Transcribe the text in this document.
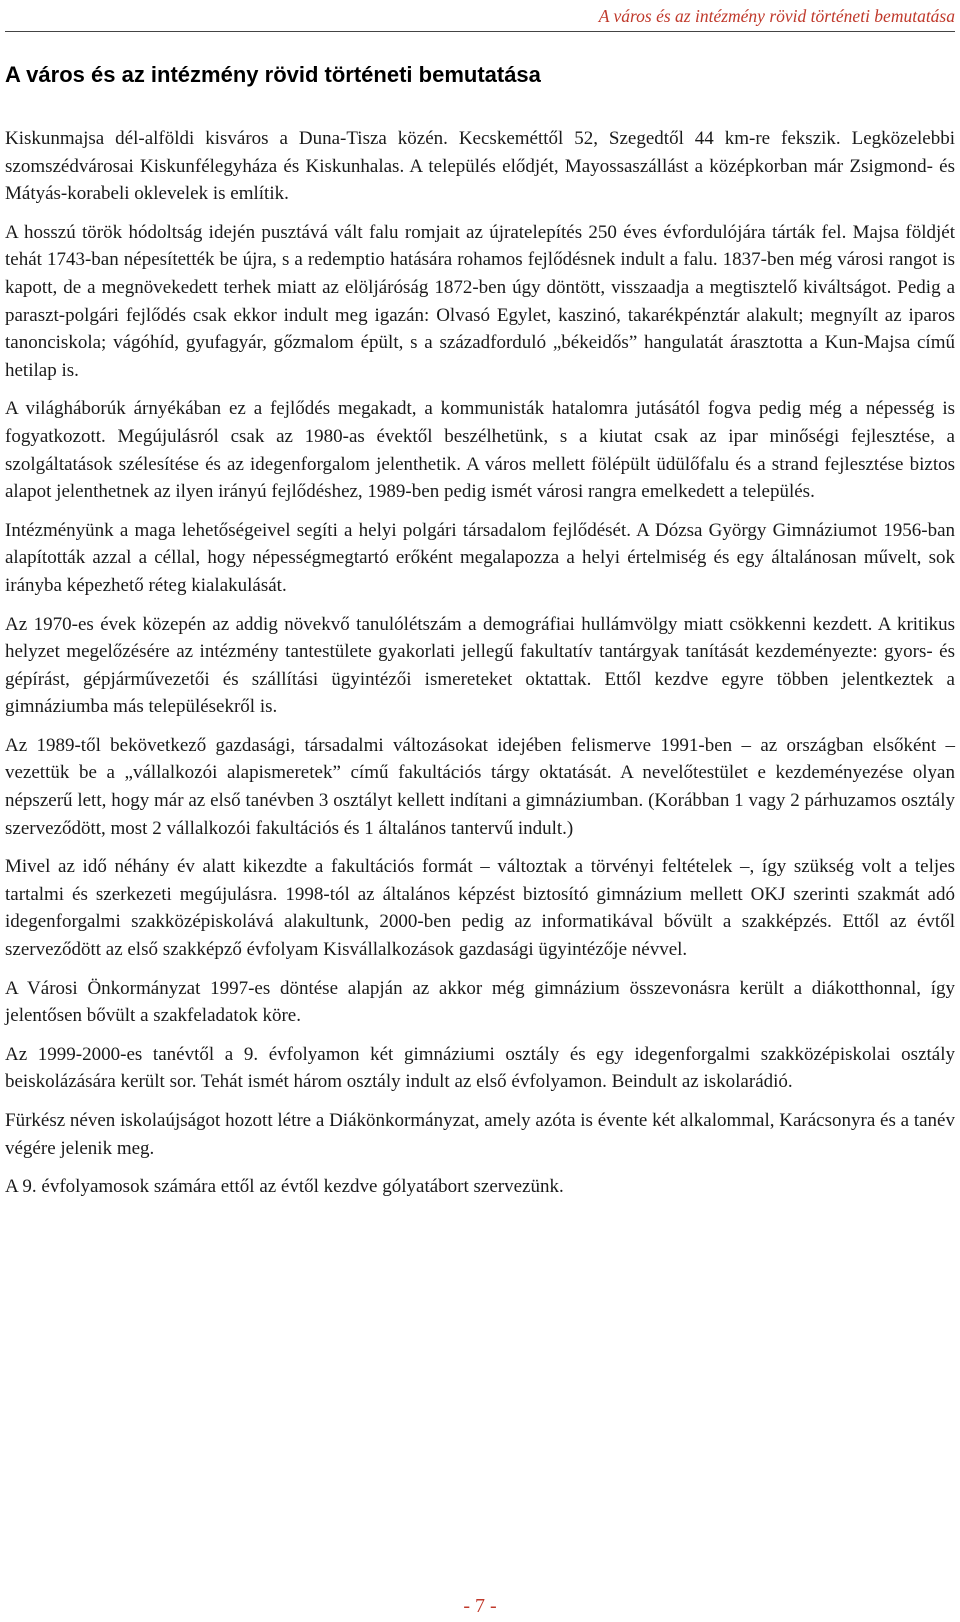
A város és az intézmény rövid történeti bemutatása
A város és az intézmény rövid történeti bemutatása

Kiskunmajsa dél-alföldi kisváros a Duna-Tisza közén. Kecskeméttől 52, Szegedtől 44 km-re fekszik. Legközelebbi szomszédvárosai Kiskunfélegyháza és Kiskunhalas. A település elődjét, Mayossaszállást a középkorban már Zsigmond- és Mátyás-korabeli oklevelek is említik.

A hosszú török hódoltság idején pusztává vált falu romjait az újratelepítés 250 éves évfordulójára tárták fel. Majsa földjét tehát 1743-ban népesítették be újra, s a redemptio hatására rohamos fejlődésnek indult a falu. 1837-ben még városi rangot is kapott, de a megnövekedett terhek miatt az elöljáróság 1872-ben úgy döntött, visszaadja a megtisztelő kiváltságot. Pedig a paraszt-polgári fejlődés csak ekkor indult meg igazán: Olvasó Egylet, kaszinó, takarékpénztár alakult; megnyílt az iparos tanonciskola; vágóhíd, gyufagyár, gőzmalom épült, s a századforduló „békeidős” hangulatát árasztotta a Kun-Majsa című hetilap is.

A világháborúk árnyékában ez a fejlődés megakadt, a kommunisták hatalomra jutásától fogva pedig még a népesség is fogyatkozott. Megújulásról csak az 1980-as évektől beszélhetünk, s a kiutat csak az ipar minőségi fejlesztése, a szolgáltatások szélesítése és az idegenforgalom jelenthetik. A város mellett fölépült üdülőfalu és a strand fejlesztése biztos alapot jelenthetnek az ilyen irányú fejlődéshez, 1989-ben pedig ismét városi rangra emelkedett a település.

Intézményünk a maga lehetőségeivel segíti a helyi polgári társadalom fejlődését. A Dózsa György Gimnáziumot 1956-ban alapították azzal a céllal, hogy népességmegtartó erőként megalapozza a helyi értelmiség és egy általánosan művelt, sok irányba képezhető réteg kialakulását.

Az 1970-es évek közepén az addig növekvő tanulólétszám a demográfiai hullámvölgy miatt csökkenni kezdett. A kritikus helyzet megelőzésére az intézmény tantestülete gyakorlati jellegű fakultatív tantárgyak tanítását kezdeményezte: gyors- és gépírást, gépjárművezetői és szállítási ügyintézői ismereteket oktattak. Ettől kezdve egyre többen jelentkeztek a gimnáziumba más településekről is.

Az 1989-től bekövetkező gazdasági, társadalmi változásokat idejében felismerve 1991-ben – az országban elsőként – vezettük be a „vállalkozói alapismeretek” című fakultációs tárgy oktatását. A nevelőtestület e kezdeményezése olyan népszerű lett, hogy már az első tanévben 3 osztályt kellett indítani a gimnáziumban. (Korábban 1 vagy 2 párhuzamos osztály szerveződött, most 2 vállalkozói fakultációs és 1 általános tantervű indult.)

Mivel az idő néhány év alatt kikezdte a fakultációs formát – változtak a törvényi feltételek –, így szükség volt a teljes tartalmi és szerkezeti megújulásra. 1998-tól az általános képzést biztosító gimnázium mellett OKJ szerinti szakmát adó idegenforgalmi szakközépiskolává alakultunk, 2000-ben pedig az informatikával bővült a szakképzés. Ettől az évtől szerveződött az első szakképző évfolyam Kisvállalkozások gazdasági ügyintézője névvel.

A Városi Önkormányzat 1997-es döntése alapján az akkor még gimnázium összevonásra került a diákotthonnal, így jelentősen bővült a szakfeladatok köre.

Az 1999-2000-es tanévtől a 9. évfolyamon két gimnáziumi osztály és egy idegenforgalmi szakközépiskolai osztály beiskolázására került sor. Tehát ismét három osztály indult az első évfolyamon. Beindult az iskolarádió.

Fürkész néven iskolaújságot hozott létre a Diákönkormányzat, amely azóta is évente két alkalommal, Karácsonyra és a tanév végére jelenik meg.

A 9. évfolyamosok számára ettől az évtől kezdve gólyatábort szervezünk.

- 7 -
